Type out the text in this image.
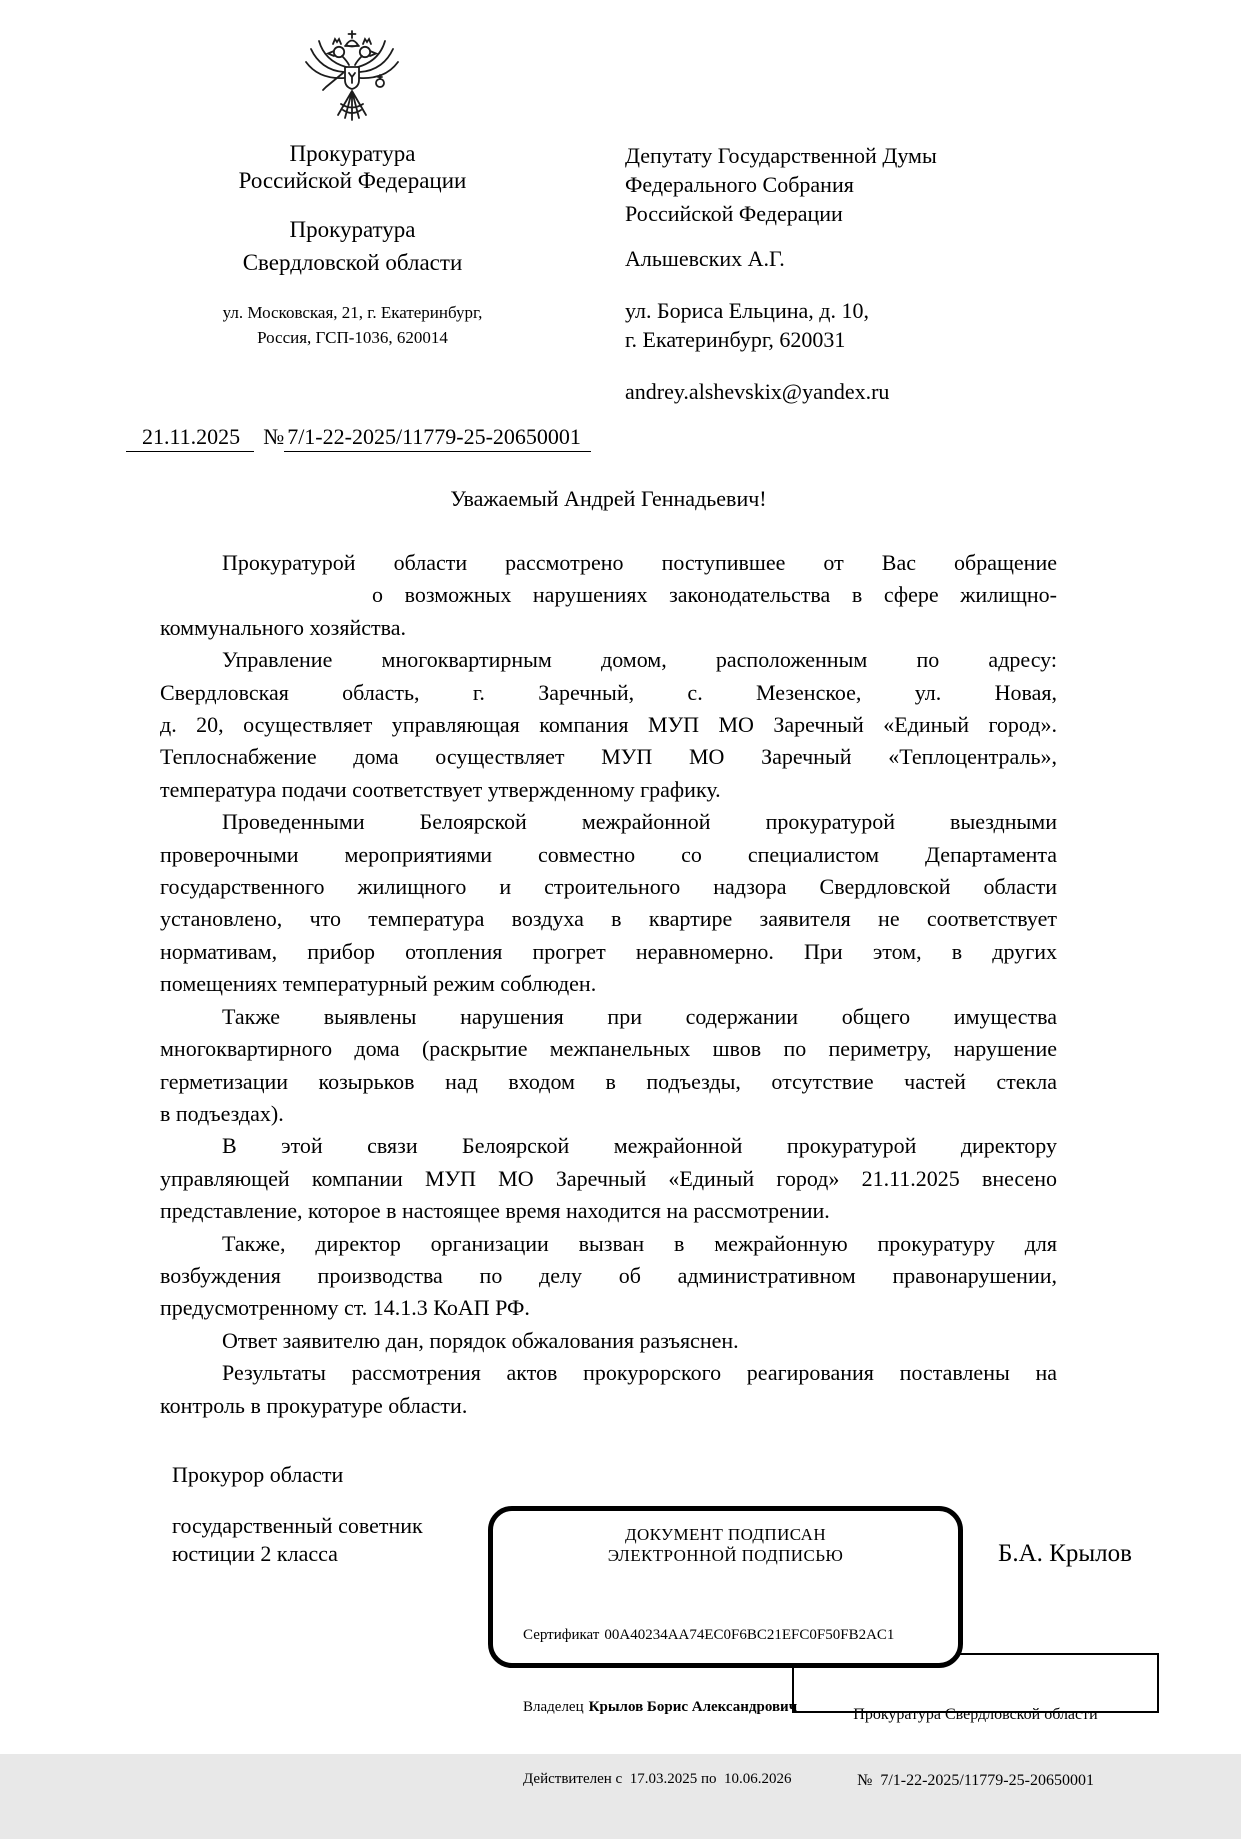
Прокуратура
Российской Федерации
Прокуратура
Свердловской области
ул. Московская, 21, г. Екатеринбург,
Россия, ГСП-1036, 620014
Депутату Государственной Думы
Федерального Собрания
Российской Федерации
Альшевских А.Г.
ул. Бориса Ельцина, д. 10,
г. Екатеринбург, 620031
andrey.alshevskix@yandex.ru
21.11.2025 № 7/1-22-2025/11779-25-20650001
Уважаемый Андрей Геннадьевич!
Прокуратурой области рассмотрено поступившее от Вас обращение
о возможных нарушениях законодательства в сфере жилищно-
коммунального хозяйства.
Управление многоквартирным домом, расположенным по адресу:
Свердловская область, г. Заречный, с. Мезенское, ул. Новая,
д. 20, осуществляет управляющая компания МУП МО Заречный «Единый город».
Теплоснабжение дома осуществляет МУП МО Заречный «Теплоцентраль»,
температура подачи соответствует утвержденному графику.
Проведенными Белоярской межрайонной прокуратурой выездными
проверочными мероприятиями совместно со специалистом Департамента
государственного жилищного и строительного надзора Свердловской области
установлено, что температура воздуха в квартире заявителя не соответствует
нормативам, прибор отопления прогрет неравномерно. При этом, в других
помещениях температурный режим соблюден.
Также выявлены нарушения при содержании общего имущества
многоквартирного дома (раскрытие межпанельных швов по периметру, нарушение
герметизации козырьков над входом в подъезды, отсутствие частей стекла
в подъездах).
В этой связи Белоярской межрайонной прокуратурой директору
управляющей компании МУП МО Заречный «Единый город» 21.11.2025 внесено
представление, которое в настоящее время находится на рассмотрении.
Также, директор организации вызван в межрайонную прокуратуру для
возбуждения производства по делу об административном правонарушении,
предусмотренному ст. 14.1.3 КоАП РФ.
Ответ заявителю дан, порядок обжалования разъяснен.
Результаты рассмотрения актов прокурорского реагирования поставлены на
контроль в прокуратуре области.
Прокурор области
государственный советник
юстиции 2 класса	Б.А. Крылов
ДОКУМЕНТ ПОДПИСАН
ЭЛЕКТРОННОЙ ПОДПИСЬЮ

Сертификат 00A40234AA74EC0F6BC21EFC0F50FB2AC1

Владелец Крылов Борис Александрович

Действителен с  17.03.2025 по  10.06.2026

Прокуратура Свердловской области

№  7/1-22-2025/11779-25-20650001
